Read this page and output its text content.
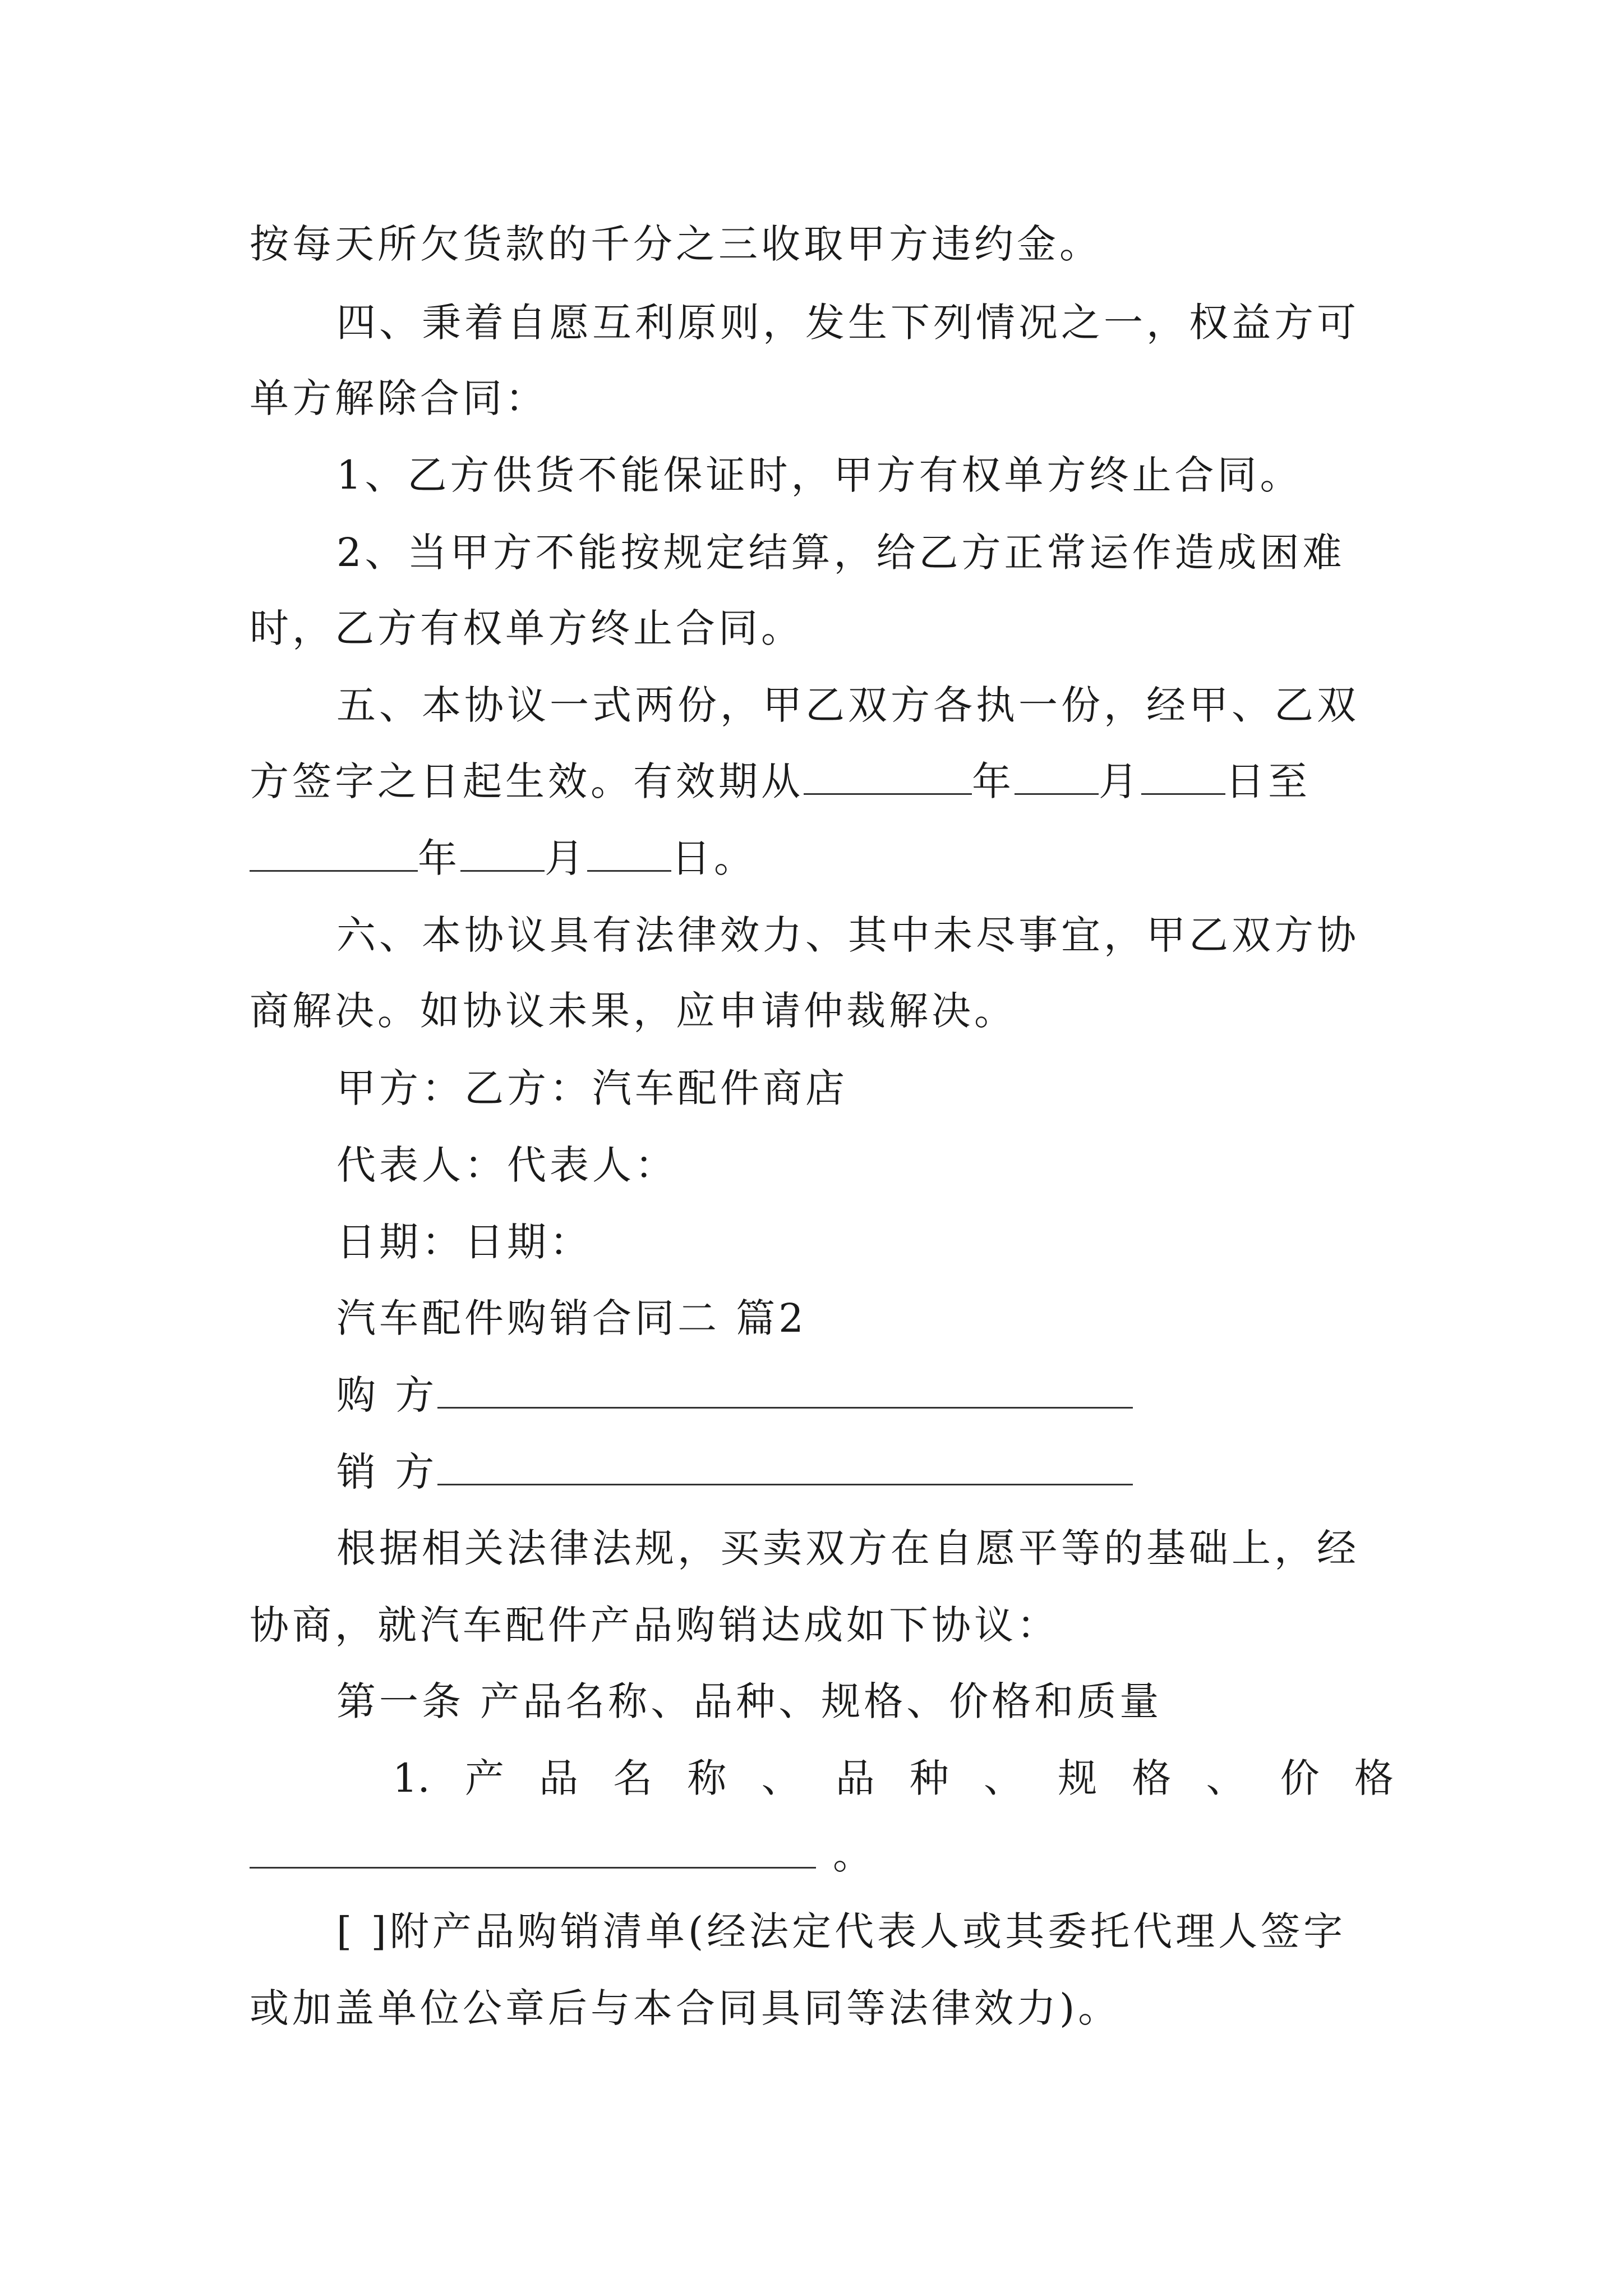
按每天所欠货款的千分之三收取甲方违约金。
四、秉着自愿互利原则，发生下列情况之一，权益方可
单方解除合同：
1、乙方供货不能保证时，甲方有权单方终止合同。
2、当甲方不能按规定结算，给乙方正常运作造成困难
时，乙方有权单方终止合同。
五、本协议一式两份，甲乙双方各执一份，经甲、乙双
方签字之日起生效。有效期从	年 月 日至
年 月 日。
六、本协议具有法律效力、其中未尽事宜，甲乙双方协
商解决。如协议未果，应申请仲裁解决。
甲方：乙方：汽车配件商店
代表人：代表人：
日期：日期：
汽车配件购销合同二 篇2
购 方
销 方
根据相关法律法规，买卖双方在自愿平等的基础上，经
协商，就汽车配件产品购销达成如下协议：
第一条 产品名称、品种、规格、价格和质量
1. 产 品 名 称 、 品 种 、 规 格 、 价 格
。
[ ]附产品购销清单(经法定代表人或其委托代理人签字
或加盖单位公章后与本合同具同等法律效力)。
